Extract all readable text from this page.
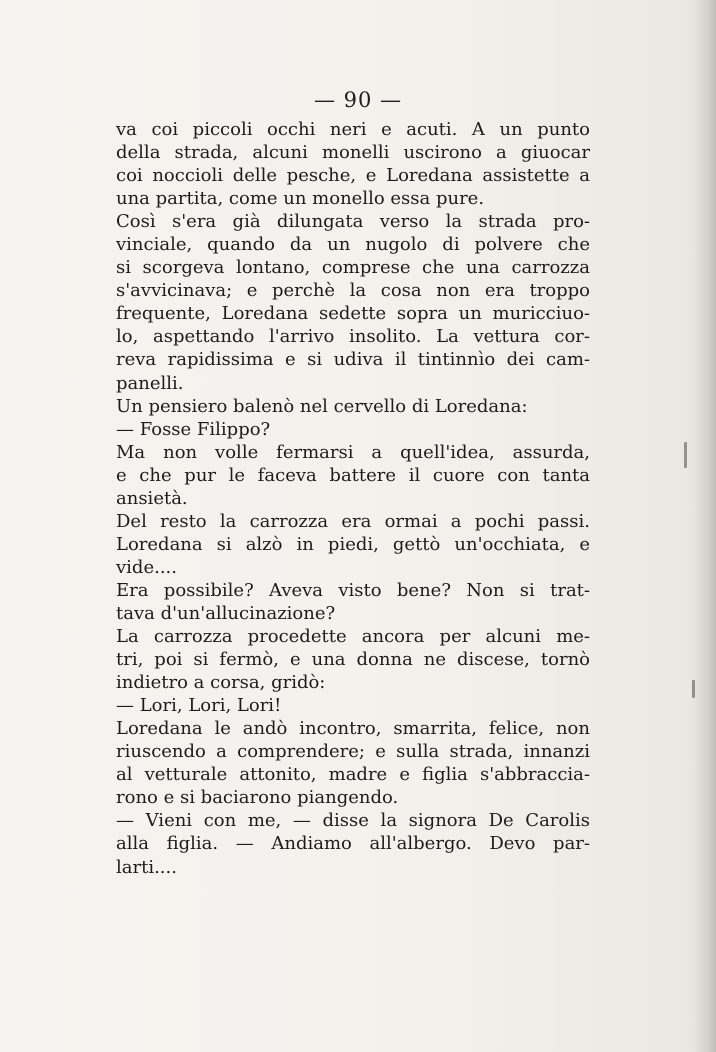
— 90 —
va coi piccoli occhi neri e acuti. A un punto
della strada, alcuni monelli uscirono a giuocar
coi noccioli delle pesche, e Loredana assistette a
una partita, come un monello essa pure.
Così s'era già dilungata verso la strada pro-
vinciale, quando da un nugolo di polvere che
si scorgeva lontano, comprese che una carrozza
s'avvicinava; e perchè la cosa non era troppo
frequente, Loredana sedette sopra un muricciuo-
lo, aspettando l'arrivo insolito. La vettura cor-
reva rapidissima e si udiva il tintinnìo dei cam-
panelli.
Un pensiero balenò nel cervello di Loredana:
— Fosse Filippo?
Ma non volle fermarsi a quell'idea, assurda,
e che pur le faceva battere il cuore con tanta
ansietà.
Del resto la carrozza era ormai a pochi passi.
Loredana si alzò in piedi, gettò un'occhiata, e
vide....
Era possibile? Aveva visto bene? Non si trat-
tava d'un'allucinazione?
La carrozza procedette ancora per alcuni me-
tri, poi si fermò, e una donna ne discese, tornò
indietro a corsa, gridò:
— Lori, Lori, Lori!
Loredana le andò incontro, smarrita, felice, non
riuscendo a comprendere; e sulla strada, innanzi
al vetturale attonito, madre e figlia s'abbraccia-
rono e si baciarono piangendo.
— Vieni con me, — disse la signora De Carolis
alla figlia. — Andiamo all'albergo. Devo par-
larti....
